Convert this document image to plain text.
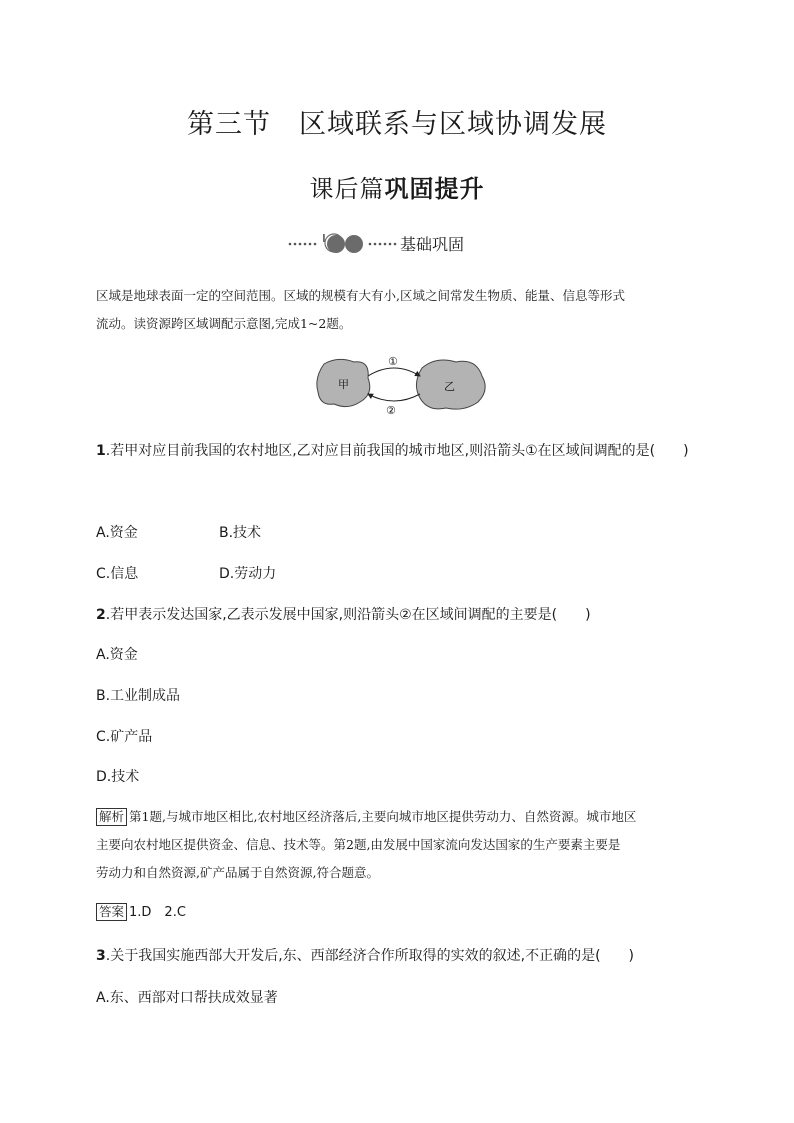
第三节　区域联系与区域协调发展
课后篇巩固提升
基础巩固
区域是地球表面一定的空间范围。区域的规模有大有小,区域之间常发生物质、能量、信息等形式
流动。读资源跨区域调配示意图,完成1~2题。
甲	乙
①
②
1.若甲对应目前我国的农村地区,乙对应目前我国的城市地区,则沿箭头①在区域间调配的是(　　)
A.资金	B.技术
C.信息	D.劳动力
2.若甲表示发达国家,乙表示发展中国家,则沿箭头②在区域间调配的主要是(　　)
A.资金
B.工业制成品
C.矿产品
D.技术
解析 第1题,与城市地区相比,农村地区经济落后,主要向城市地区提供劳动力、自然资源。城市地区
主要向农村地区提供资金、信息、技术等。第2题,由发展中国家流向发达国家的生产要素主要是
劳动力和自然资源,矿产品属于自然资源,符合题意。
答案 1.D　2.C
3.关于我国实施西部大开发后,东、西部经济合作所取得的实效的叙述,不正确的是(　　)
A.东、西部对口帮扶成效显著
